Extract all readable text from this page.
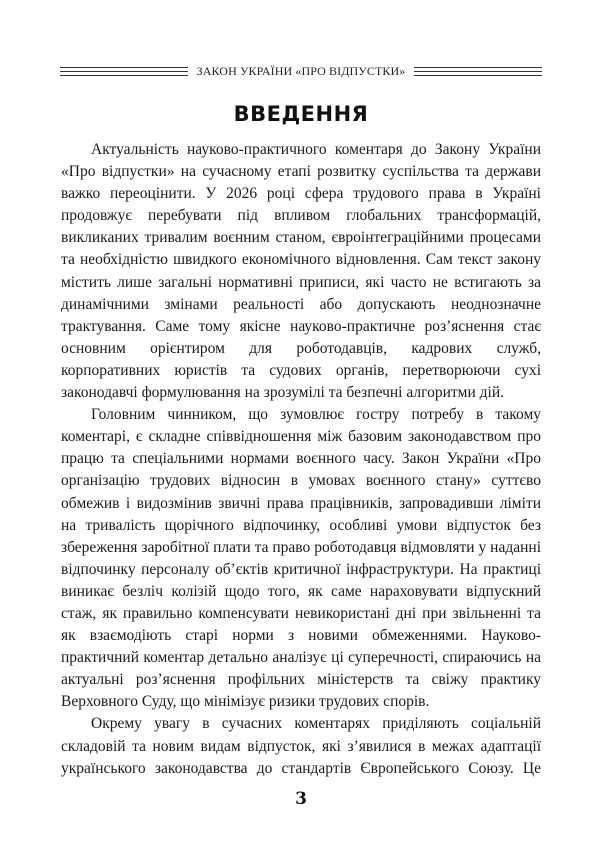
ЗАКОН УКРАЇНИ «ПРО ВІДПУСТКИ»
ВВЕДЕННЯ

Актуальність науково-практичного коментаря до Закону України «Про відпустки» на сучасному етапі розвитку суспільства та держави важко переоцінити. У 2026 році сфера трудового права в Україні продовжує перебувати під впливом глобальних трансформацій, викликаних тривалим воєнним станом, євроінтеграційними процесами та необхідністю швидкого економічного відновлення. Сам текст закону містить лише загальні нормативні приписи, які часто не встигають за динамічними змінами реальності або допускають неоднозначне трактування. Саме тому якісне науково-практичне роз’яснення стає основним орієнтиром для роботодавців, кадрових служб, корпоративних юристів та судових органів, перетворюючи сухі законодавчі формулювання на зрозумілі та безпечні алгоритми дій.

Головним чинником, що зумовлює гостру потребу в такому коментарі, є складне співвідношення між базовим законодавством про працю та спеціальними нормами воєнного часу. Закон України «Про організацію трудових відносин в умовах воєнного стану» суттєво обмежив і видозмінив звичні права працівників, запровадивши ліміти на тривалість щорічного відпочинку, особливі умови відпусток без збереження заробітної плати та право роботодавця відмовляти у наданні відпочинку персоналу об’єктів критичної інфраструктури. На практиці виникає безліч колізій щодо того, як саме нараховувати відпускний стаж, як правильно компенсувати невикористані дні при звільненні та як взаємодіють старі норми з новими обмеженнями. Науково-практичний коментар детально аналізує ці суперечності, спираючись на актуальні роз’яснення профільних міністерств та свіжу практику Верховного Суду, що мінімізує ризики трудових спорів.

Окрему увагу в сучасних коментарях приділяють соціальній складовій та новим видам відпусток, які з’явилися в межах адаптації українського законодавства до стандартів Європейського Союзу. Це

3
